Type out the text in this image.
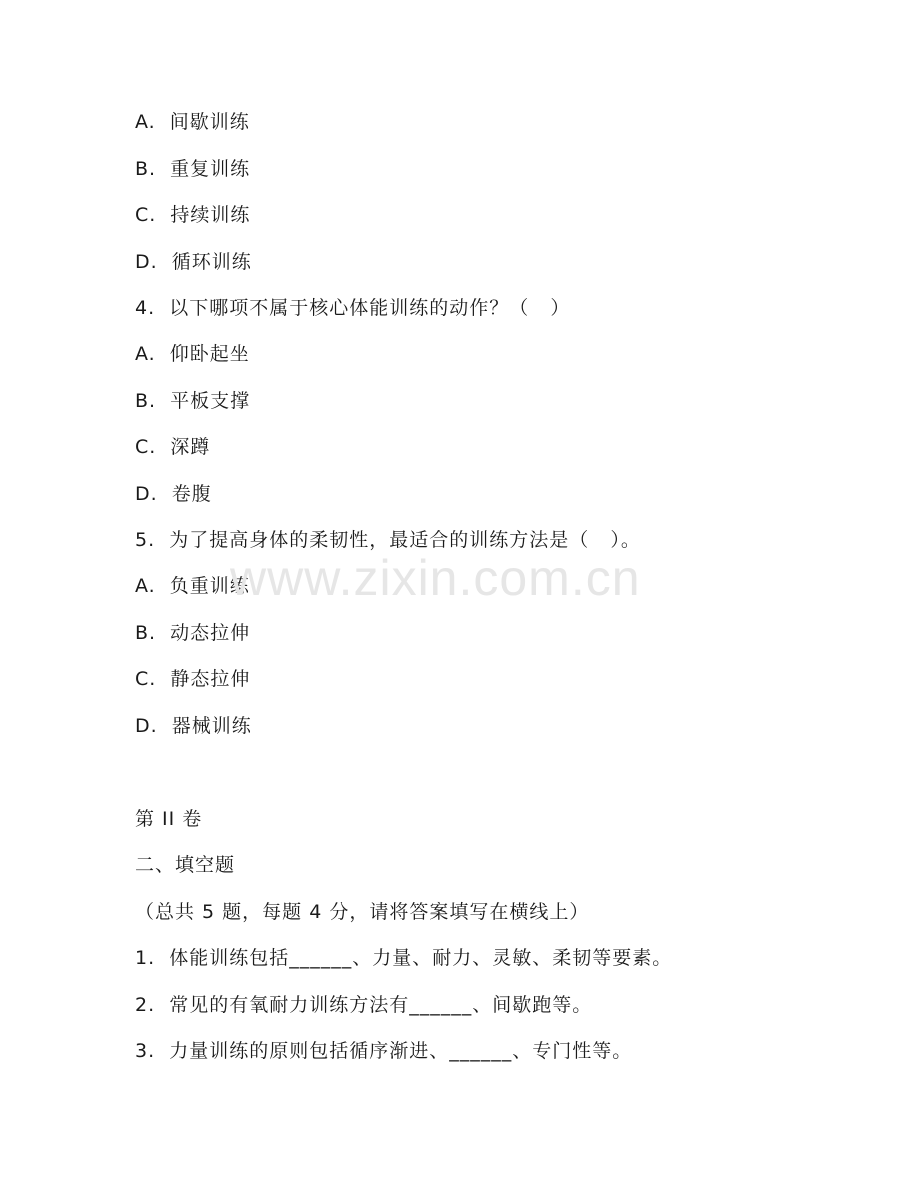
A.  间歇训练
B.  重复训练
C.  持续训练
D.  循环训练
4.  以下哪项不属于核心体能训练的动作？（   ）
A.  仰卧起坐
B.  平板支撑
C.  深蹲
D.  卷腹
5.  为了提高身体的柔韧性，最适合的训练方法是（   ）。
A.  负重训练
B.  动态拉伸
C.  静态拉伸
D.  器械训练
第 II 卷
二、填空题
（总共 5 题，每题 4 分，请将答案填写在横线上）
1.  体能训练包括______、力量、耐力、灵敏、柔韧等要素。
2.  常见的有氧耐力训练方法有______、间歇跑等。
3.  力量训练的原则包括循序渐进、______、专门性等。
www.zixin.com.cn
